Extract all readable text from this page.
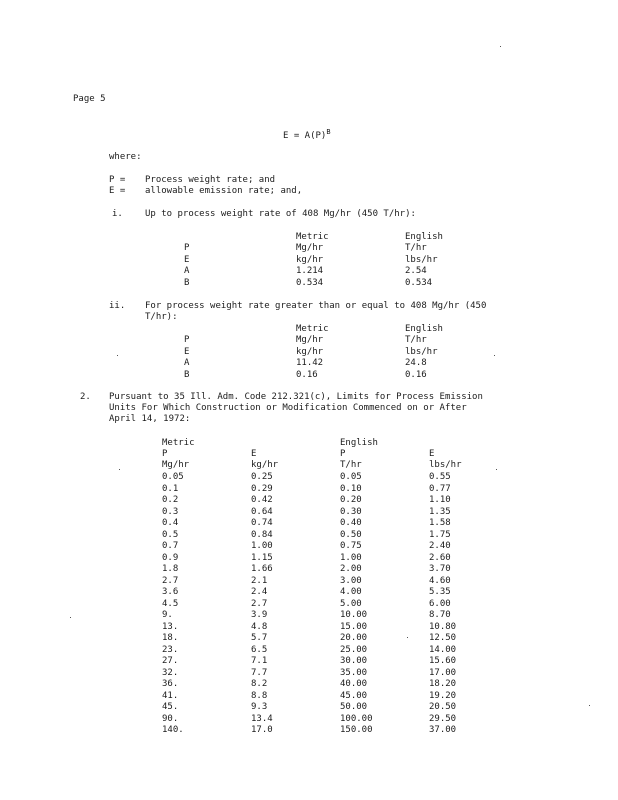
Page 5
$E = A(P)^B$
where:
P = Process weight rate; and
E = allowable emission rate; and,
i. Up to process weight rate of 408 Mg/hr (450 T/hr):
Metric	English
P	Mg/hr	T/hr
E	kg/hr	lbs/hr
A	1.214	2.54
B	0.534	0.534
ii. For process weight rate greater than or equal to 408 Mg/hr (450
T/hr):
Metric	English
P	Mg/hr	T/hr
E	kg/hr	lbs/hr
A	11.42	24.8
B	0.16	0.16
2. Pursuant to 35 Ill. Adm. Code 212.321(c), Limits for Process Emission
Units For Which Construction or Modification Commenced on or After
April 14, 1972:
Metric	English
P	E	P	E
Mg/hr	kg/hr	T/hr	lbs/hr
0.05	0.25	0.05	0.55
0.1	0.29	0.10	0.77
0.2	0.42	0.20	1.10
0.3	0.64	0.30	1.35
0.4	0.74	0.40	1.58
0.5	0.84	0.50	1.75
0.7	1.00	0.75	2.40
0.9	1.15	1.00	2.60
1.8	1.66	2.00	3.70
2.7	2.1	3.00	4.60
3.6	2.4	4.00	5.35
4.5	2.7	5.00	6.00
9.	3.9	10.00	8.70
13.	4.8	15.00	10.80
18.	5.7	20.00	12.50
23.	6.5	25.00	14.00
27.	7.1	30.00	15.60
32.	7.7	35.00	17.00
36.	8.2	40.00	18.20
41.	8.8	45.00	19.20
45.	9.3	50.00	20.50
90.	13.4	100.00	29.50
140.	17.0	150.00	37.00
